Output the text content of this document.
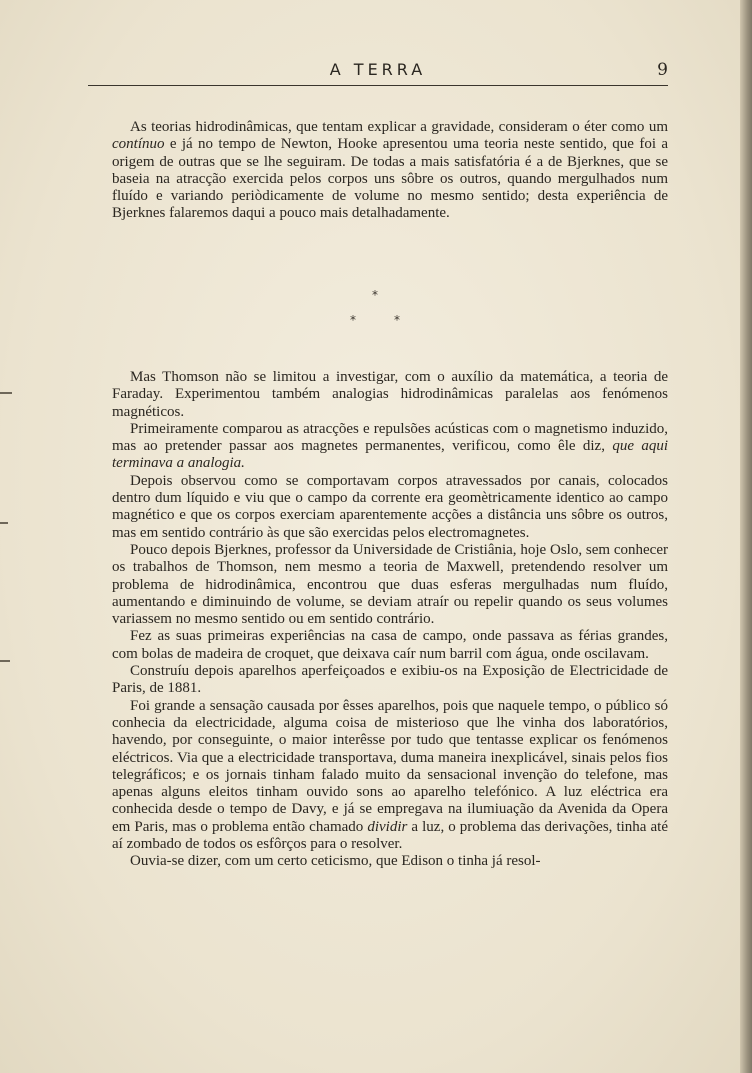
A TERRA	9

As teorias hidrodinâmicas, que tentam explicar a gravidade, consideram o éter como um contínuo e já no tempo de Newton, Hooke apresentou uma teoria neste sentido, que foi a origem de outras que se lhe seguiram. De todas a mais satisfatória é a de Bjerknes, que se baseia na atracção exercida pelos corpos uns sôbre os outros, quando mergulhados num fluído e variando periòdicamente de volume no mesmo sentido; desta experiência de Bjerknes falaremos daqui a pouco mais detalhadamente.

*
*	*

Mas Thomson não se limitou a investigar, com o auxílio da matemática, a teoria de Faraday. Experimentou também analogias hidrodinâmicas paralelas aos fenómenos magnéticos.

Primeiramente comparou as atracções e repulsões acústicas com o magnetismo induzido, mas ao pretender passar aos magnetes permanentes, verificou, como êle diz, que aqui terminava a analogia.

Depois observou como se comportavam corpos atravessados por canais, colocados dentro dum líquido e viu que o campo da corrente era geomètricamente identico ao campo magnético e que os corpos exerciam aparentemente acções a distância uns sôbre os outros, mas em sentido contrário às que são exercidas pelos electromagnetes.

Pouco depois Bjerknes, professor da Universidade de Cristiânia, hoje Oslo, sem conhecer os trabalhos de Thomson, nem mesmo a teoria de Maxwell, pretendendo resolver um problema de hidrodinâmica, encontrou que duas esferas mergulhadas num fluído, aumentando e diminuindo de volume, se deviam atraír ou repelir quando os seus volumes variassem no mesmo sentido ou em sentido contrário.

Fez as suas primeiras experiências na casa de campo, onde passava as férias grandes, com bolas de madeira de croquet, que deixava caír num barril com água, onde oscilavam.

Construíu depois aparelhos aperfeiçoados e exibiu-os na Exposição de Electricidade de Paris, de 1881.

Foi grande a sensação causada por êsses aparelhos, pois que naquele tempo, o público só conhecia da electricidade, alguma coisa de misterioso que lhe vinha dos laboratórios, havendo, por conseguinte, o maior interêsse por tudo que tentasse explicar os fenómenos eléctricos. Via que a electricidade transportava, duma maneira inexplicável, sinais pelos fios telegráficos; e os jornais tinham falado muito da sensacional invenção do telefone, mas apenas alguns eleitos tinham ouvido sons ao aparelho telefónico. A luz eléctrica era conhecida desde o tempo de Davy, e já se empregava na ilumiuação da Avenida da Opera em Paris, mas o problema então chamado dividir a luz, o problema das derivações, tinha até aí zombado de todos os esfôrços para o resolver.

Ouvia-se dizer, com um certo ceticismo, que Edison o tinha já resol-
